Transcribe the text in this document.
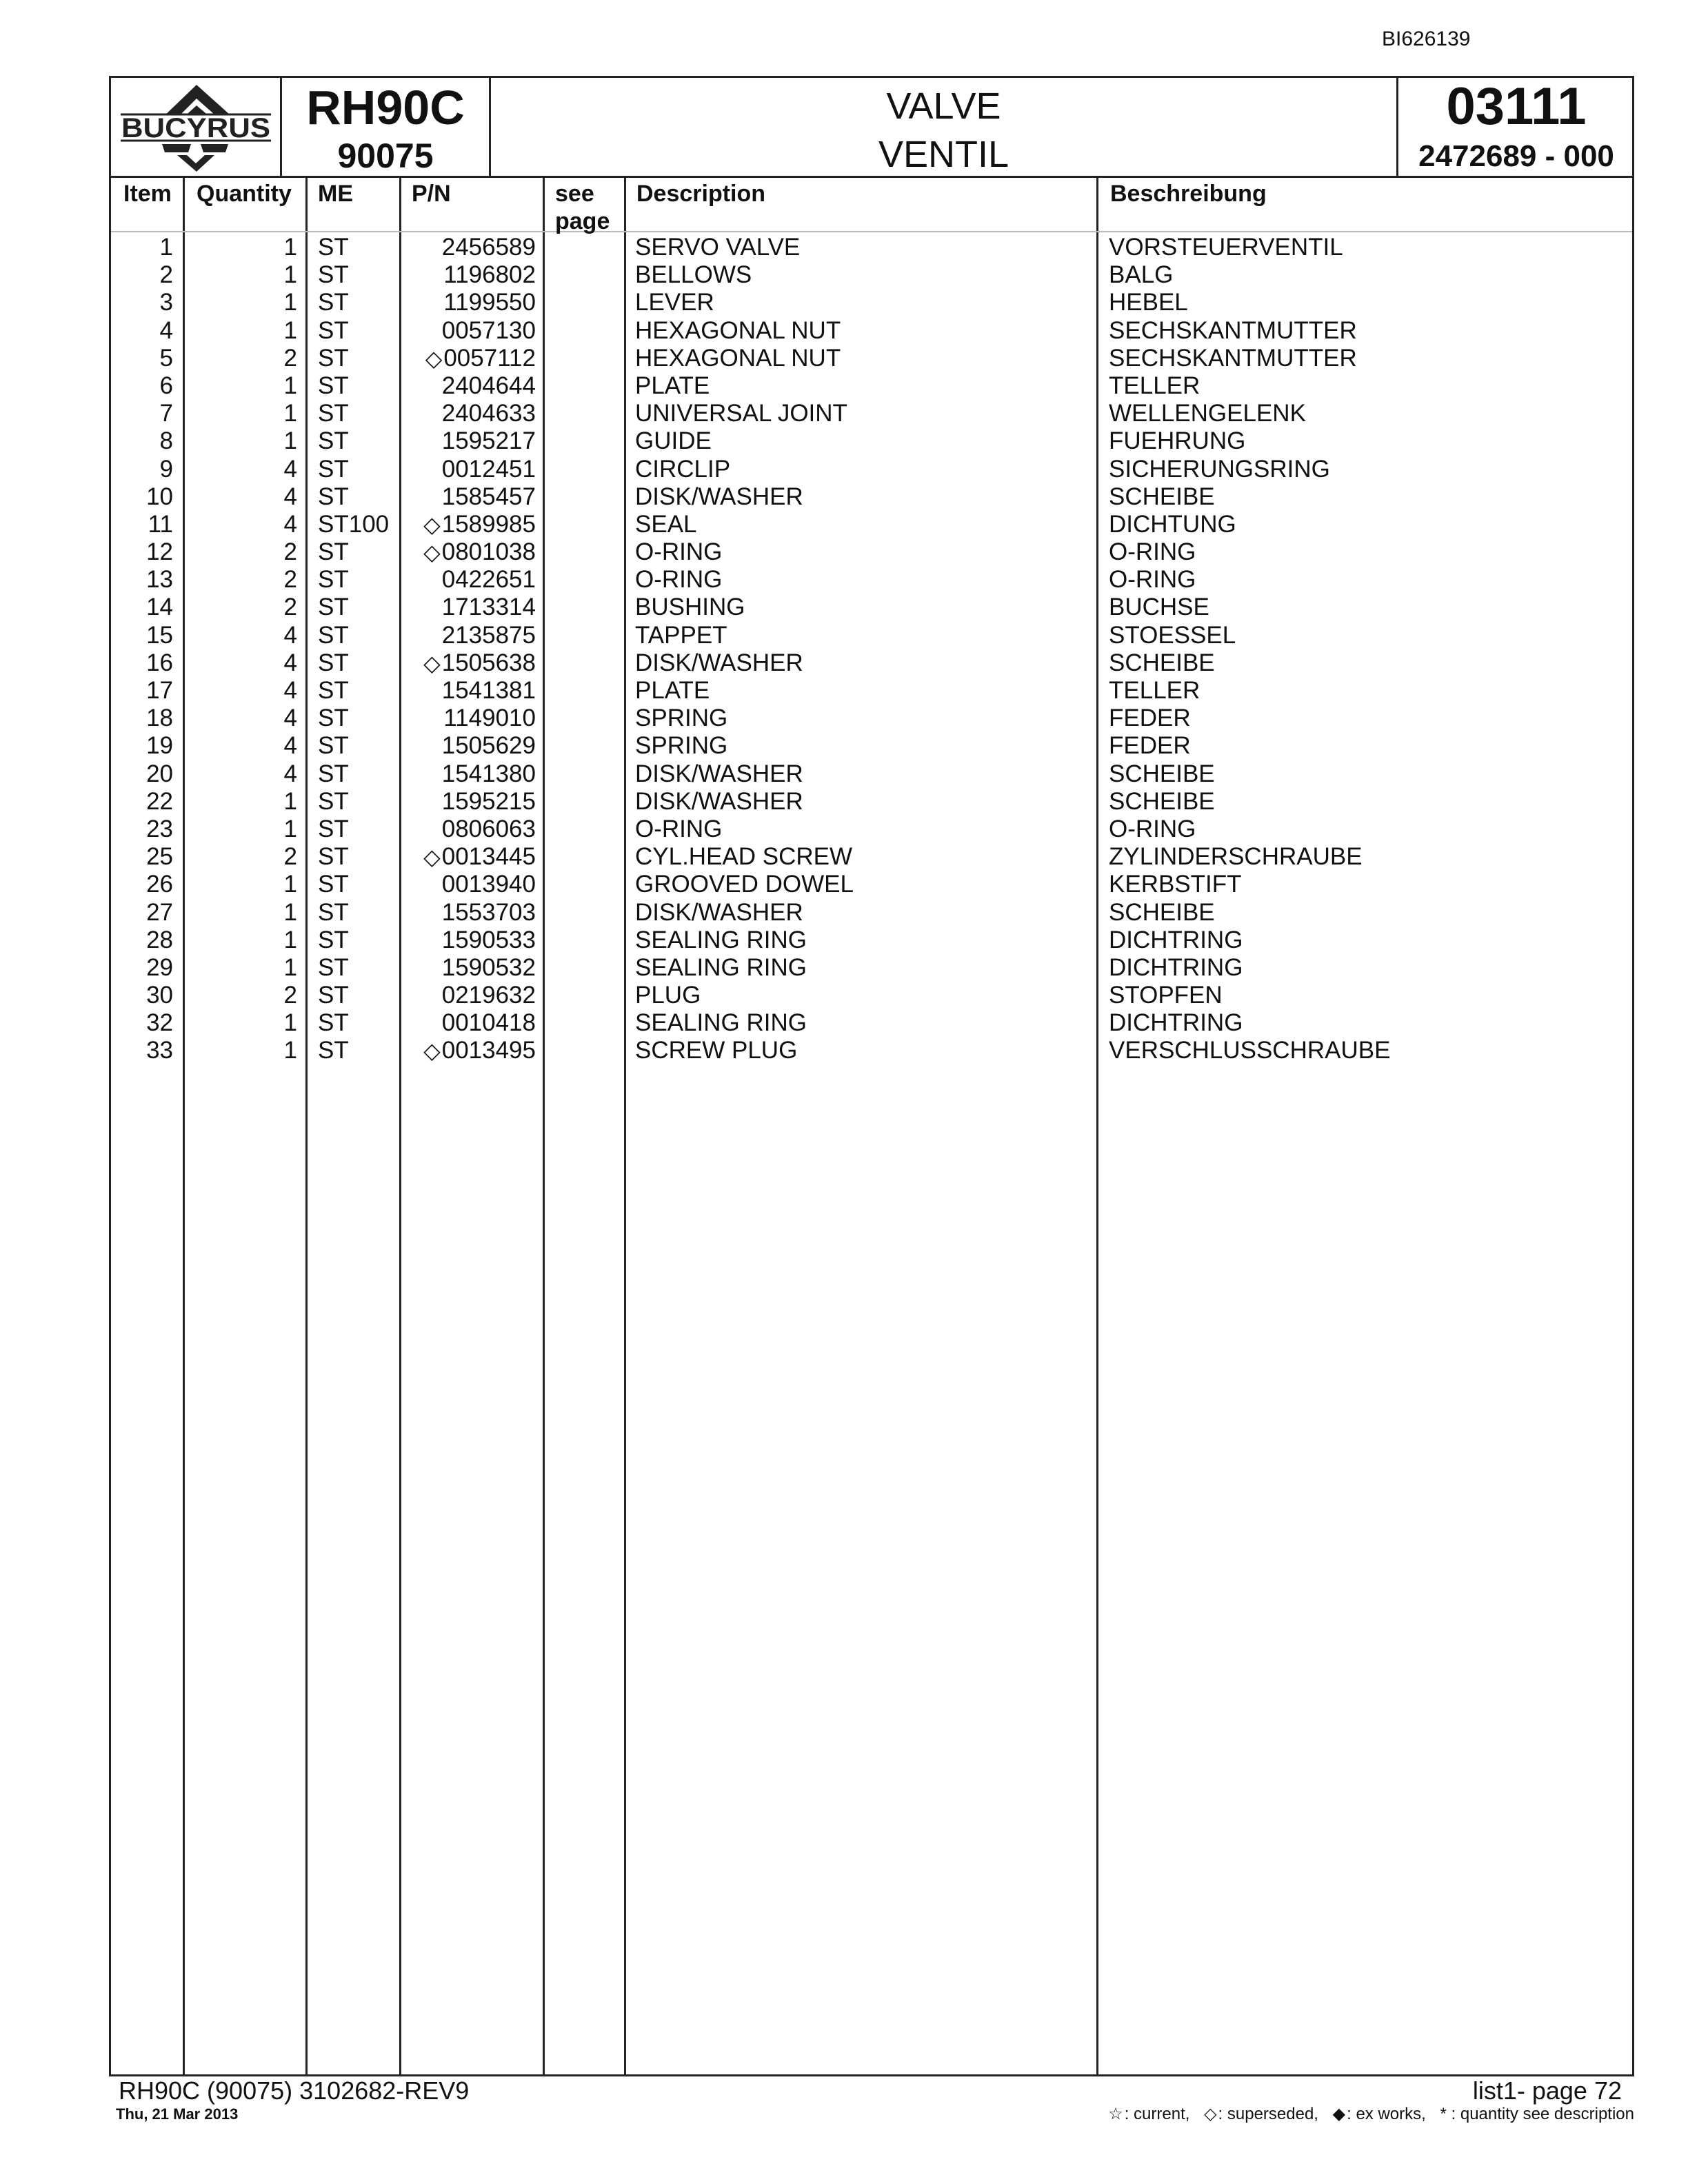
BI626139
BUCYRUS RH90C
90075
VALVE
VENTIL
03111
2472689 - 000
Item Quantity ME	P/N	see
page
Description	Beschreibung
1	1 ST	2456589	SERVO VALVE	VORSTEUERVENTIL
2	1 ST	1196802	BELLOWS	BALG
3	1 ST	1199550	LEVER	HEBEL
4	1 ST	0057130	HEXAGONAL NUT	SECHSKANTMUTTER
5	2 ST	◇0057112	HEXAGONAL NUT	SECHSKANTMUTTER
6	1 ST	2404644	PLATE	TELLER
7	1 ST	2404633	UNIVERSAL JOINT	WELLENGELENK
8	1 ST	1595217	GUIDE	FUEHRUNG
9	4 ST	0012451	CIRCLIP	SICHERUNGSRING
10	4 ST	1585457	DISK/WASHER	SCHEIBE
11	4 ST100 ◇1589985	SEAL	DICHTUNG
12	2 ST	◇0801038	O-RING	O-RING
13	2 ST	0422651	O-RING	O-RING
14	2 ST	1713314	BUSHING	BUCHSE
15	4 ST	2135875	TAPPET	STOESSEL
16	4 ST	◇1505638	DISK/WASHER	SCHEIBE
17	4 ST	1541381	PLATE	TELLER
18	4 ST	1149010	SPRING	FEDER
19	4 ST	1505629	SPRING	FEDER
20	4 ST	1541380	DISK/WASHER	SCHEIBE
22	1 ST	1595215	DISK/WASHER	SCHEIBE
23	1 ST	0806063	O-RING	O-RING
25	2 ST	◇0013445	CYL.HEAD SCREW	ZYLINDERSCHRAUBE
26	1 ST	0013940	GROOVED DOWEL	KERBSTIFT
27	1 ST	1553703	DISK/WASHER	SCHEIBE
28	1 ST	1590533	SEALING RING	DICHTRING
29	1 ST	1590532	SEALING RING	DICHTRING
30	2 ST	0219632	PLUG	STOPFEN
32	1 ST	0010418	SEALING RING	DICHTRING
33	1 ST	◇0013495	SCREW PLUG	VERSCHLUSSCHRAUBE
RH90C (90075) 3102682-REV9
Thu, 21 Mar 2013
list1- page 72
☆: current, ◇: superseded, ◆: ex works, * : quantity see description
